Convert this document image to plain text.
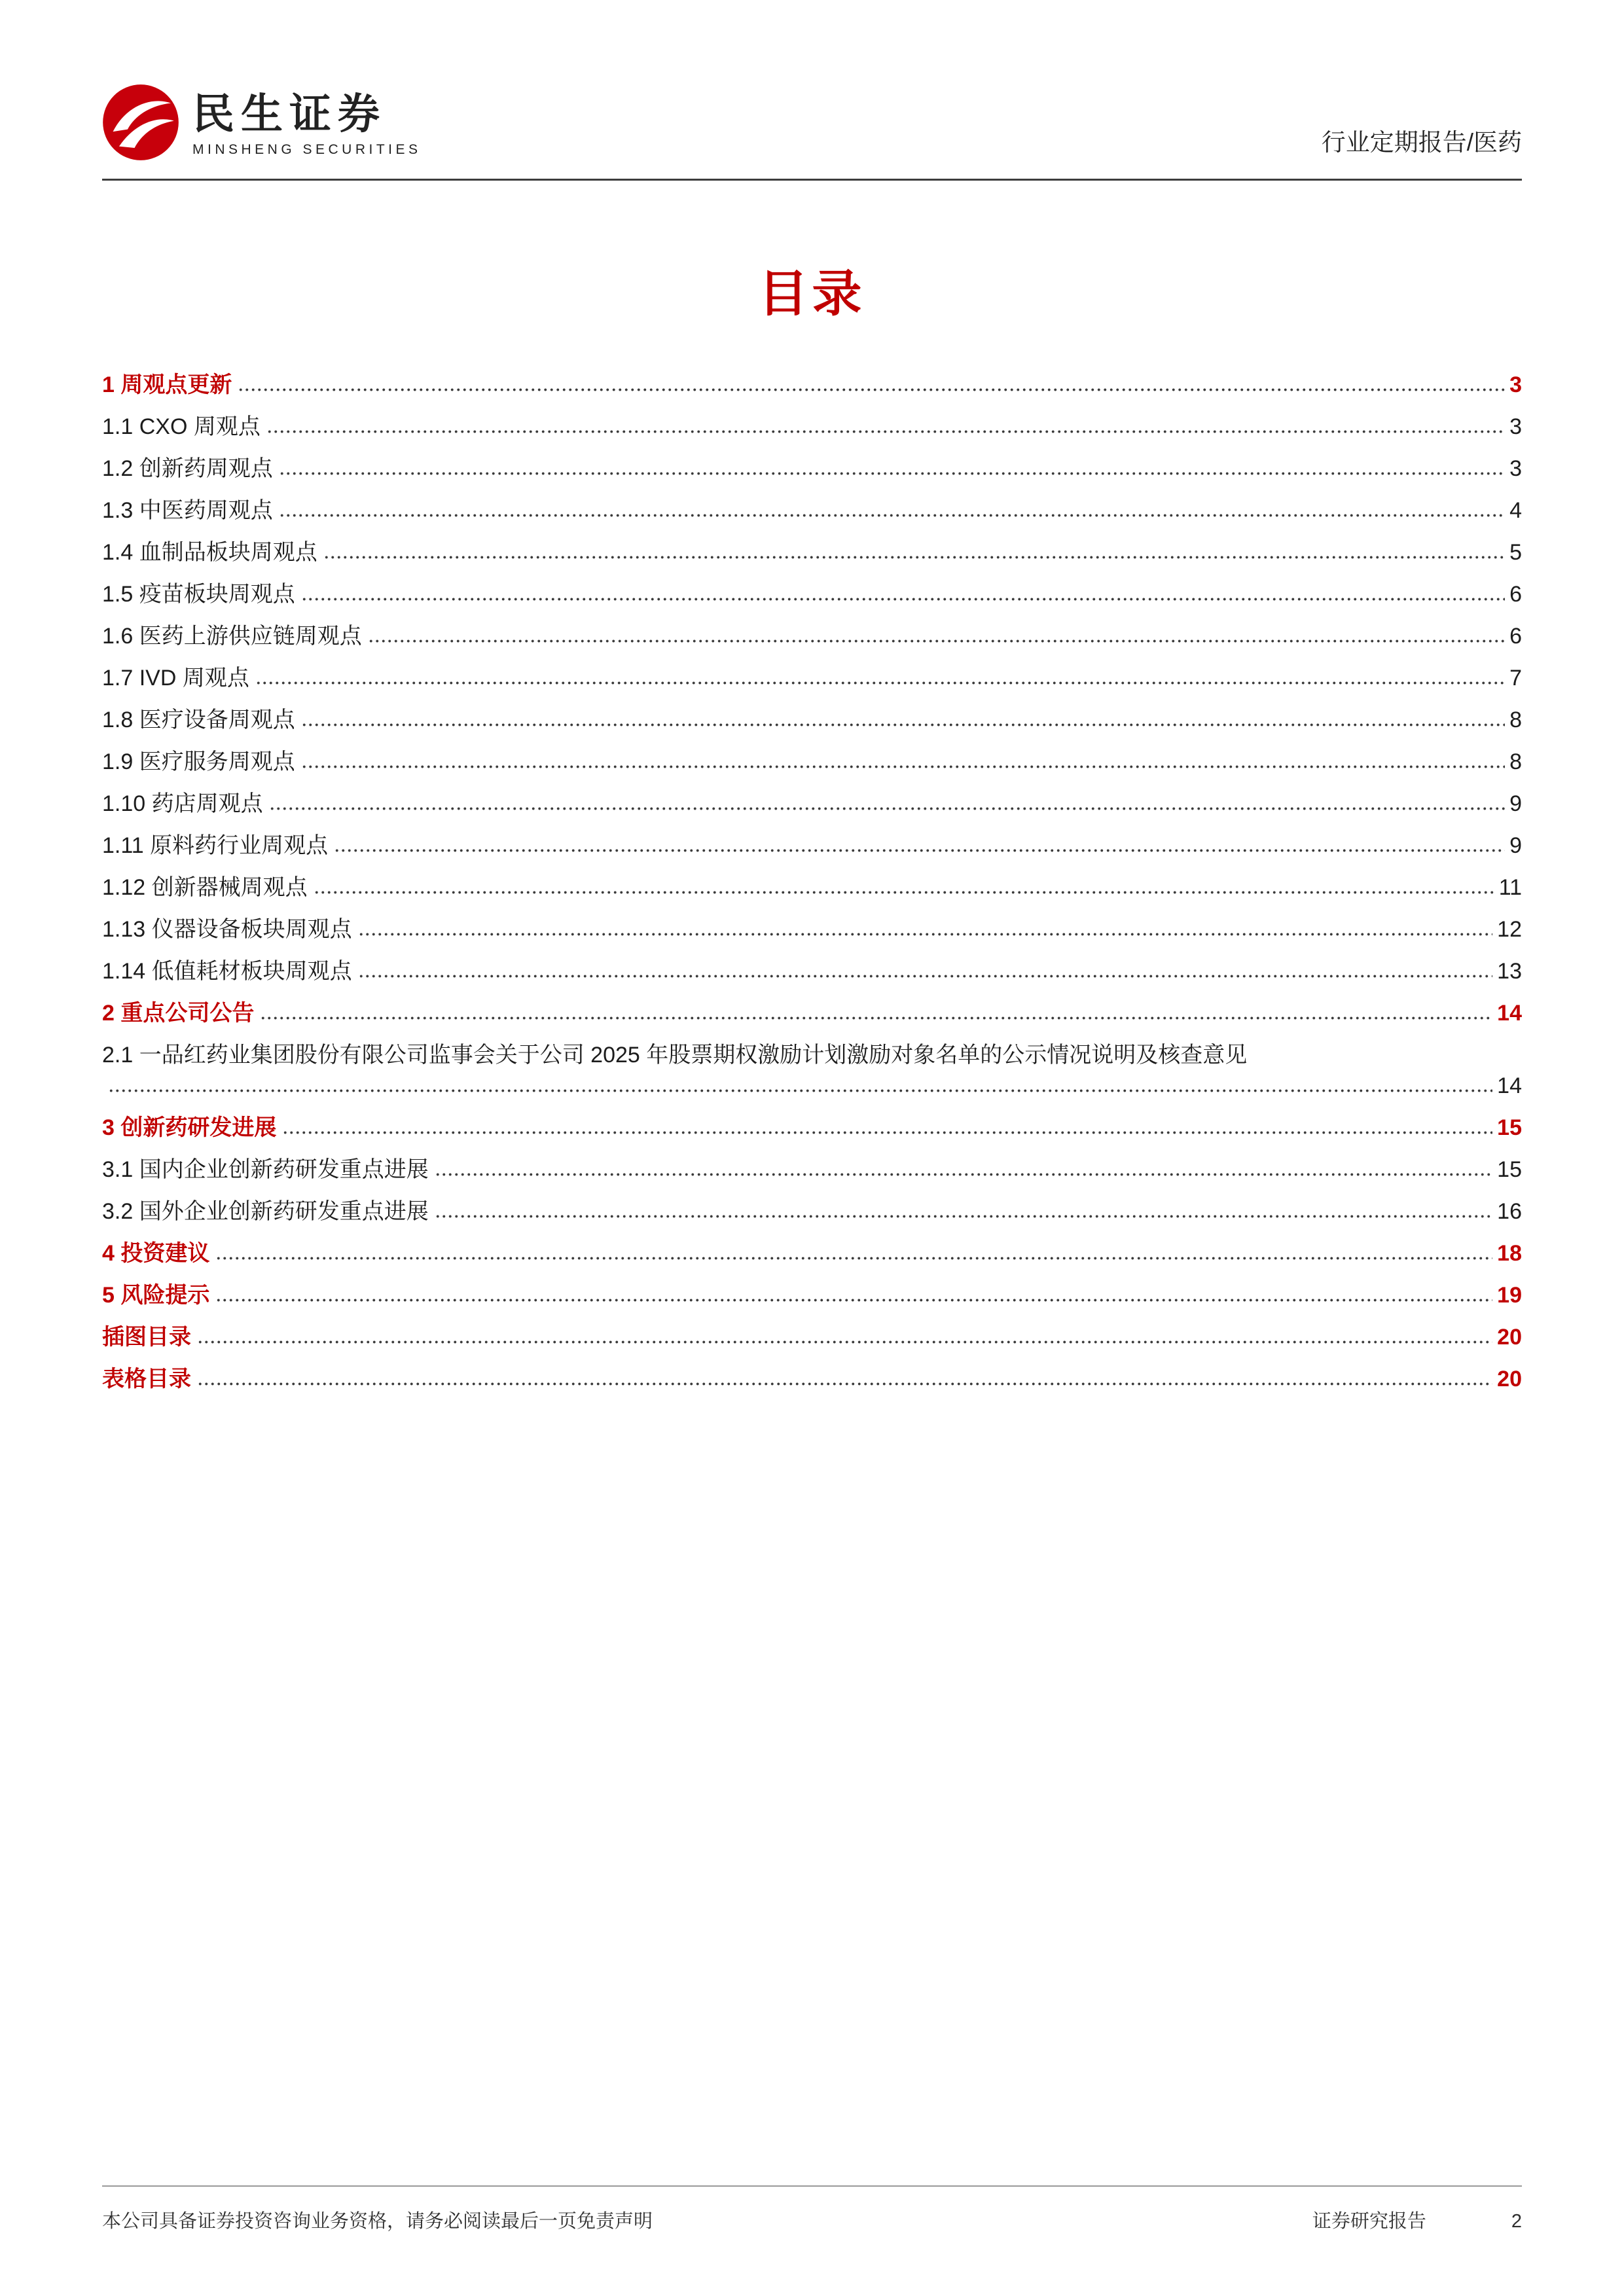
民生证券
MINSHENG SECURITIES	行业定期报告/医药
目录
1 周观点更新	3
1.1 CXO 周观点	3
1.2 创新药周观点	3
1.3 中医药周观点	4
1.4 血制品板块周观点	5
1.5 疫苗板块周观点	6
1.6 医药上游供应链周观点	6
1.7 IVD 周观点	7
1.8 医疗设备周观点	8
1.9 医疗服务周观点	8
1.10 药店周观点	9
1.11 原料药行业周观点	9
1.12 创新器械周观点	11
1.13 仪器设备板块周观点	12
1.14 低值耗材板块周观点	13
2 重点公司公告	14
2.1 一品红药业集团股份有限公司监事会关于公司 2025 年股票期权激励计划激励对象名单的公示情况说明及核查意见
14
3 创新药研发进展	15
3.1 国内企业创新药研发重点进展	15
3.2 国外企业创新药研发重点进展	16
4 投资建议	18
5 风险提示	19
插图目录	20
表格目录	20
本公司具备证券投资咨询业务资格，请务必阅读最后一页免责声明	证券研究报告	2
